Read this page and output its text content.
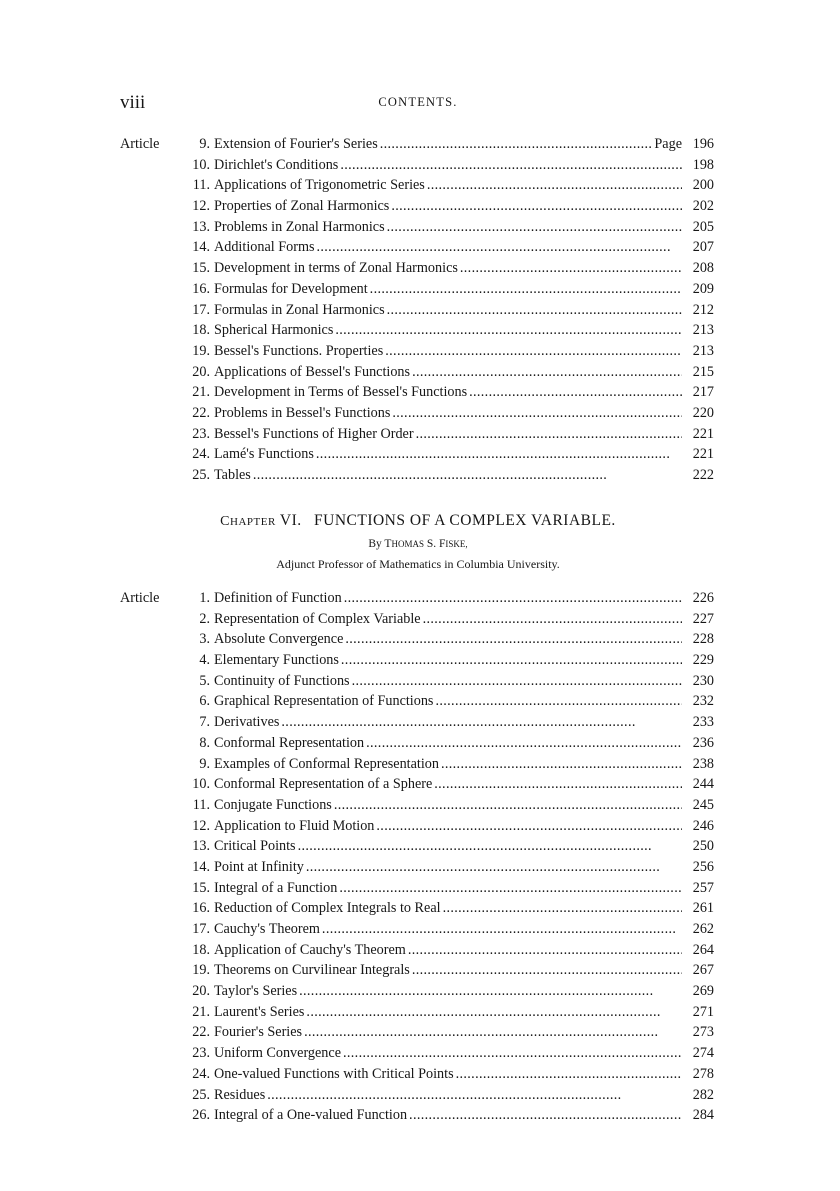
viii	CONTENTS.
Article	9. Extension of Fourier's Series . . .	Page 196
10. Dirichlet's Conditions . . .	198
11. Applications of Trigonometric Series . . .	200
12. Properties of Zonal Harmonics . . .	202
13. Problems in Zonal Harmonics . . .	205
14. Additional Forms . . .	207
15. Development in terms of Zonal Harmonics . . .	208
16. Formulas for Development . . .	209
17. Formulas in Zonal Harmonics . . .	212
18. Spherical Harmonics . . .	213
19. Bessel's Functions. Properties . . .	213
20. Applications of Bessel's Functions . . .	215
21. Development in Terms of Bessel's Functions . . .	217
22. Problems in Bessel's Functions . . .	220
23. Bessel's Functions of Higher Order . . .	221
24. Lamé's Functions . . .	221
25. Tables . . .	222
CHAPTER VI. FUNCTIONS OF A COMPLEX VARIABLE.
By THOMAS S. FISKE,
Adjunct Professor of Mathematics in Columbia University.
Article	1. Definition of Function . . .	226
2. Representation of Complex Variable . . .	227
3. Absolute Convergence . . .	228
4. Elementary Functions . . .	229
5. Continuity of Functions . . .	230
6. Graphical Representation of Functions . . .	232
7. Derivatives . . .	233
8. Conformal Representation . . .	236
9. Examples of Conformal Representation . . .	238
10. Conformal Representation of a Sphere . . .	244
11. Conjugate Functions . . .	245
12. Application to Fluid Motion . . .	246
13. Critical Points . . .	250
14. Point at Infinity . . .	256
15. Integral of a Function . . .	257
16. Reduction of Complex Integrals to Real . . .	261
17. Cauchy's Theorem . . .	262
18. Application of Cauchy's Theorem . . .	264
19. Theorems on Curvilinear Integrals . . .	267
20. Taylor's Series . . .	269
21. Laurent's Series . . .	271
22. Fourier's Series . . .	273
23. Uniform Convergence . . .	274
24. One-valued Functions with Critical Points . . .	278
25. Residues . . .	282
26. Integral of a One-valued Function . . .	284
